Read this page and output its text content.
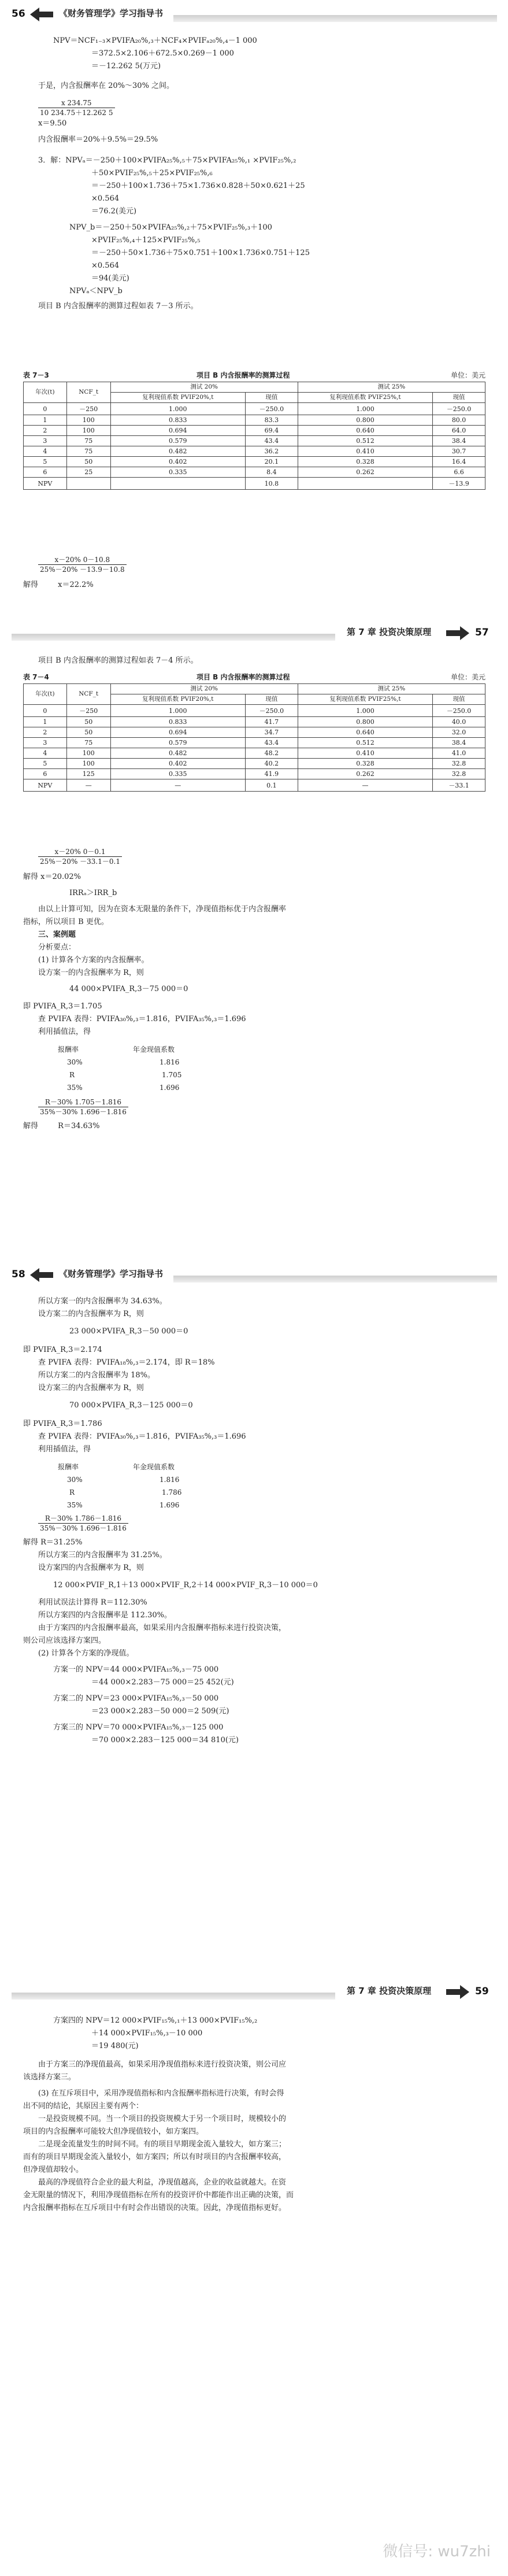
56	《财务管理学》学习指导书
NPV＝NCF₁₋₃×PVIFA₂₀%,₃＋NCF₄×PVIFₐ₂₀%,₄－1 000
＝372.5×2.106＋672.5×0.269－1 000
＝－12.262 5(万元)
于是，内含报酬率在 20%～30% 之间。
$\frac{x 234.75}{10 234.75+12.262 5}$
x＝9.50
内含报酬率＝20%＋9.5%＝29.5%
3．解：NPVₐ＝－250＋100×PVIFA₂₅%,₅＋75×PVIFA₂₅%,₁ ×PVIF₂₅%,₂
＋50×PVIF₂₅%,₅＋25×PVIF₂₅%,₆
＝－250＋100×1.736＋75×1.736×0.828＋50×0.621＋25
×0.564
＝76.2(美元)
NPV_b＝－250＋50×PVIFA₂₅%,₂＋75×PVIF₂₅%,₃＋100
×PVIF₂₅%,₄＋125×PVIF₂₅%,₅
＝－250＋50×1.736＋75×0.751＋100×1.736×0.751＋125
×0.564
＝94(美元)
NPVₐ＜NPV_b
项目 B 内含报酬率的测算过程如表 7－3 所示。
表 7－3	项目 B 内含报酬率的测算过程	单位：美元
年次(t)	NCF_t	测试 20%		测试 25%	
		复利现值系数 PVIF20%,t	现值	复利现值系数 PVIF25%,t	现值
0	－250	1.000	－250.0	1.000	－250.0
1	100	0.833	83.3	0.800	80.0
2	100	0.694	69.4	0.640	64.0
3	75	0.579	43.4	0.512	38.4
4	75	0.482	36.2	0.410	30.7
5	50	0.402	20.1	0.328	16.4
6	25	0.335	8.4	0.262	6.6
NPV			10.8		－13.9
$\frac{x-20\% 0-10.8}{25\%-20\% -13.9-10.8}$
解得	x＝22.2%
第 7 章 投资决策原理	57
项目 B 内含报酬率的测算过程如表 7－4 所示。
表 7－4	项目 B 内含报酬率的测算过程	单位：美元
年次(t)	NCF_t	测试 20%		测试 25%	
		复利现值系数 PVIF20%,t	现值	复利现值系数 PVIF25%,t	现值
0	－250	1.000	－250.0	1.000	－250.0
1	50	0.833	41.7	0.800	40.0
2	50	0.694	34.7	0.640	32.0
3	75	0.579	43.4	0.512	38.4
4	100	0.482	48.2	0.410	41.0
5	100	0.402	40.2	0.328	32.8
6	125	0.335	41.9	0.262	32.8
NPV	—	—	0.1	—	－33.1
$\frac{x-20\% 0-0.1}{25\%-20\% -33.1-0.1}$
解得 x＝20.02%
IRRₐ＞IRR_b
由以上计算可知，因为在资本无限量的条件下，净现值指标优于内含报酬率
指标，所以项目 B 更优。
三、案例题
分析要点：
(1) 计算各个方案的内含报酬率。
设方案一的内含报酬率为 R，则
44 000×PVIFA_R,3－75 000＝0
即 PVIFA_R,3＝1.705
查 PVIFA 表得：PVIFA₃₀%,₃＝1.816，PVIFA₃₅%,₃＝1.696
利用插值法，得
报酬率	年金现值系数
30%	1.816
R	1.705
35%	1.696
$\frac{R-30\% 1.705-1.816}{35\%-30\% 1.696-1.816}$
解得	R＝34.63%
58	《财务管理学》学习指导书
所以方案一的内含报酬率为 34.63%。
设方案二的内含报酬率为 R，则
23 000×PVIFA_R,3－50 000＝0
即 PVIFA_R,3＝2.174
查 PVIFA 表得：PVIFA₁₈%,₃＝2.174，即 R＝18%
所以方案二的内含报酬率为 18%。
设方案三的内含报酬率为 R，则
70 000×PVIFA_R,3－125 000＝0
即 PVIFA_R,3＝1.786
查 PVIFA 表得：PVIFA₃₀%,₃＝1.816，PVIFA₃₅%,₃＝1.696
利用插值法，得
报酬率	年金现值系数
30%	1.816
R	1.786
35%	1.696
$\frac{R-30\% 1.786-1.816}{35\%-30\% 1.696-1.816}$
解得 R＝31.25%
所以方案三的内含报酬率为 31.25%。
设方案四的内含报酬率为 R，则
12 000×PVIF_R,1＋13 000×PVIF_R,2＋14 000×PVIF_R,3－10 000＝0
利用试误法计算得 R＝112.30%
所以方案四的内含报酬率是 112.30%。
由于方案四的内含报酬率最高，如果采用内含报酬率指标来进行投资决策，
则公司应该选择方案四。
(2) 计算各个方案的净现值。
方案一的 NPV＝44 000×PVIFA₁₅%,₃－75 000
＝44 000×2.283－75 000＝25 452(元)
方案二的 NPV＝23 000×PVIFA₁₅%,₃－50 000
＝23 000×2.283－50 000＝2 509(元)
方案三的 NPV＝70 000×PVIFA₁₅%,₃－125 000
＝70 000×2.283－125 000＝34 810(元)
第 7 章 投资决策原理	59
方案四的 NPV＝12 000×PVIF₁₅%,₁＋13 000×PVIF₁₅%,₂
＋14 000×PVIF₁₅%,₃－10 000
＝19 480(元)
由于方案三的净现值最高，如果采用净现值指标来进行投资决策，则公司应
该选择方案三。
(3) 在互斥项目中，采用净现值指标和内含报酬率指标进行决策，有时会得
出不同的结论，其原因主要有两个：
一是投资规模不同。当一个项目的投资规模大于另一个项目时，规模较小的
项目的内含报酬率可能较大但净现值较小，如方案四。
二是现金流量发生的时间不同。有的项目早期现金流入量较大，如方案三；
而有的项目早期现金流入量较小，如方案四；所以有时项目的内含报酬率较高，
但净现值却较小。
最高的净现值符合企业的最大利益，净现值越高，企业的收益就越大。在资
金无限量的情况下，利用净现值指标在所有的投资评价中都能作出正确的决策，而
内含报酬率指标在互斥项目中有时会作出错误的决策。因此，净现值指标更好。
微信号: wu7zhi
